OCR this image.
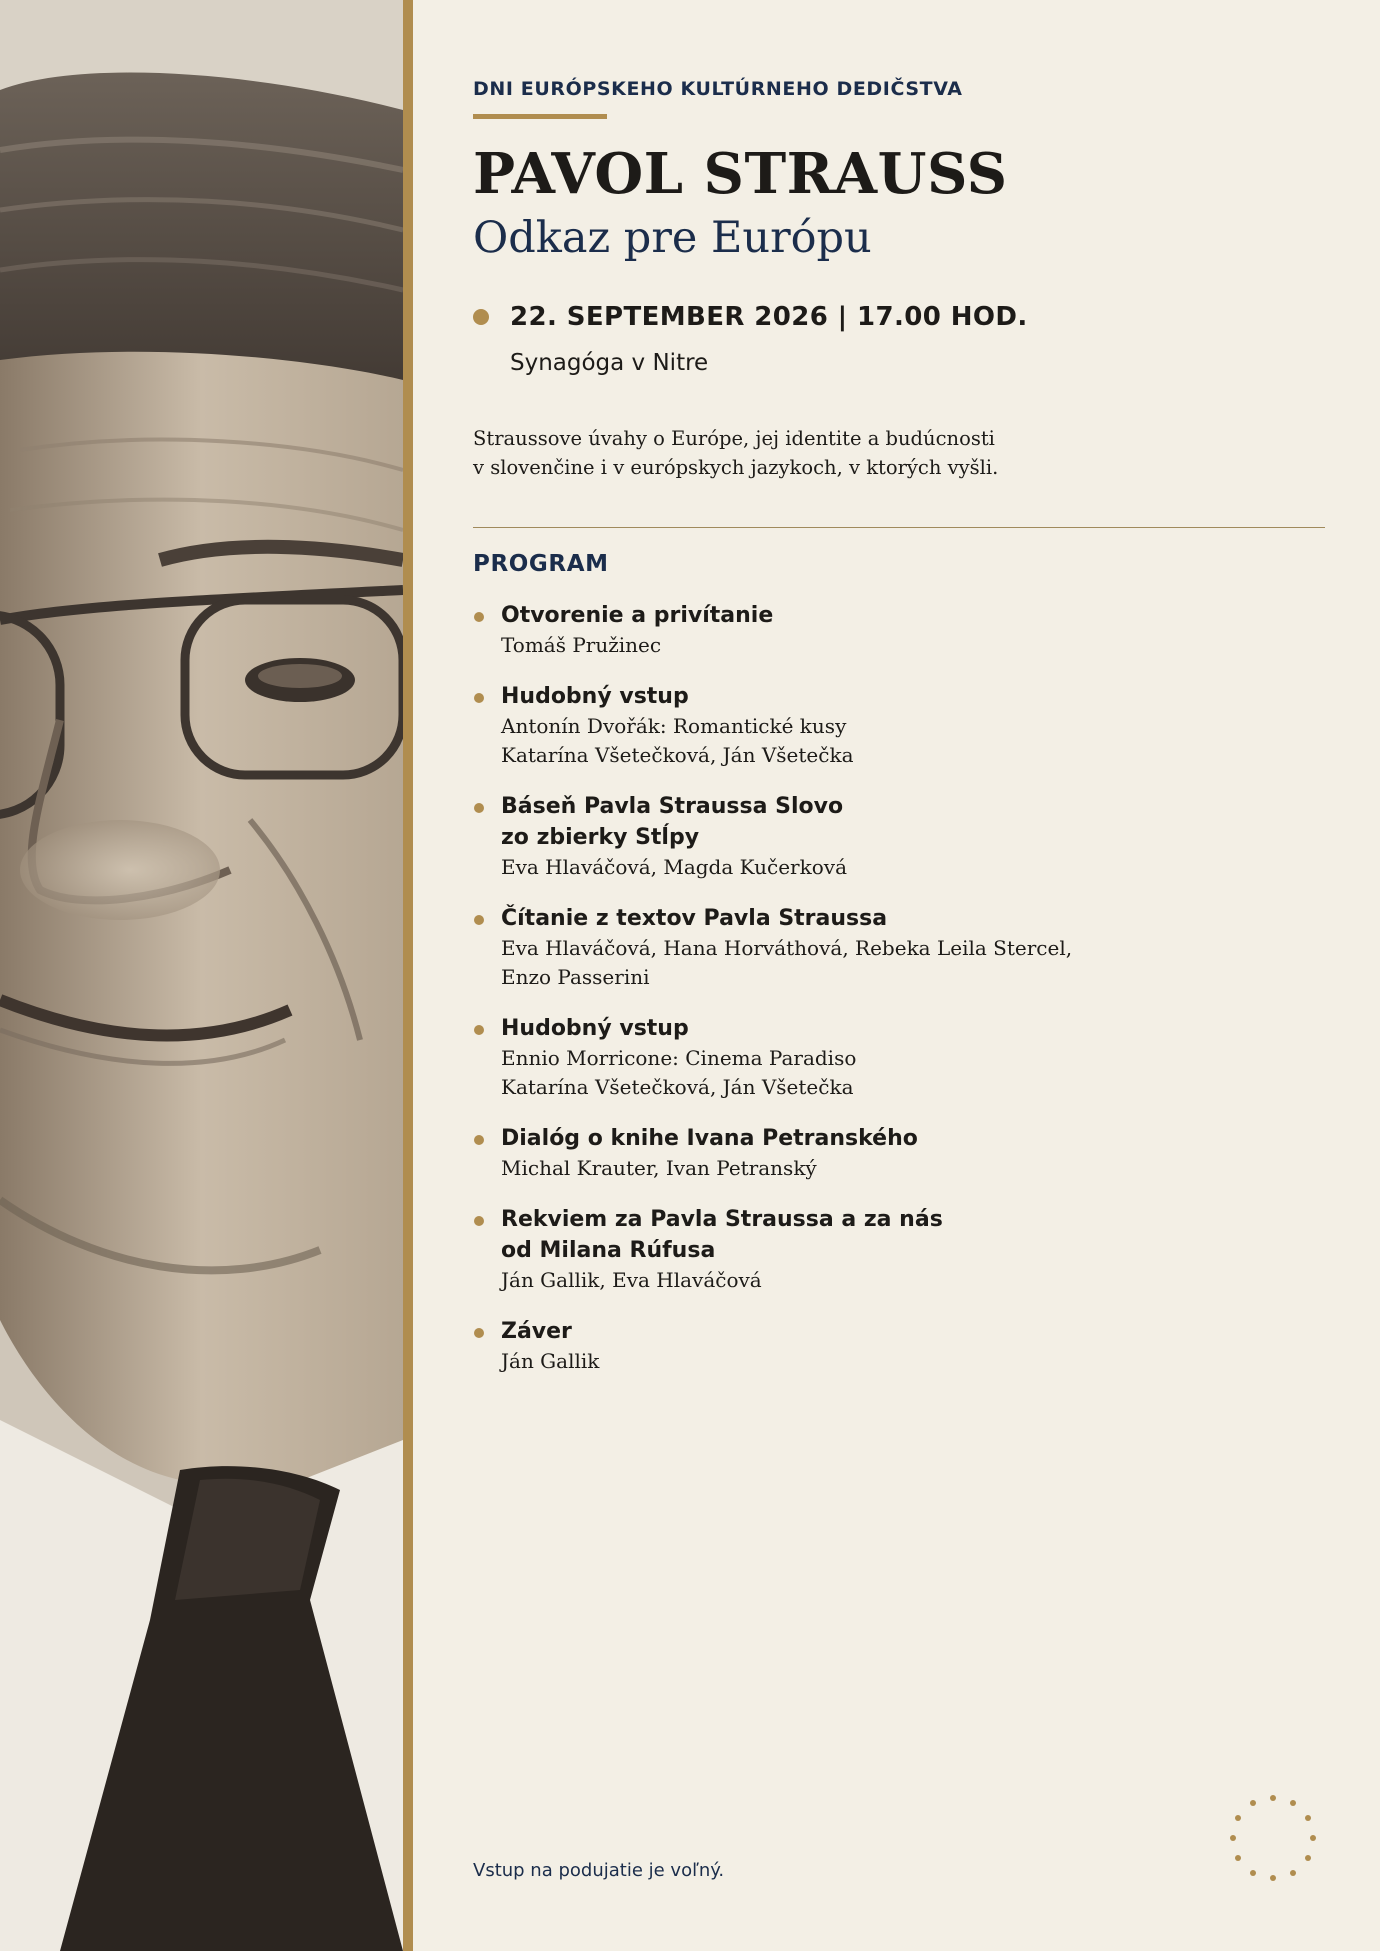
DNI EURÓPSKEHO KULTÚRNEHO DEDIČSTVA
PAVOL STRAUSS
Odkaz pre Európu
22. SEPTEMBER 2026 | 17.00 HOD.
Synagóga v Nitre
Straussove úvahy o Európe, jej identite a budúcnosti
v slovenčine i v európskych jazykoch, v ktorých vyšli.
PROGRAM
Otvorenie a privítanie
Tomáš Pružinec
Hudobný vstup
Antonín Dvořák: Romantické kusy
Katarína Všetečková, Ján Všetečka
Báseň Pavla Straussa Slovo
zo zbierky Stĺpy
Eva Hlaváčová, Magda Kučerková
Čítanie z textov Pavla Straussa
Eva Hlaváčová, Hana Horváthová, Rebeka Leila Stercel,
Enzo Passerini
Hudobný vstup
Ennio Morricone: Cinema Paradiso
Katarína Všetečková, Ján Všetečka
Dialóg o knihe Ivana Petranského
Michal Krauter, Ivan Petranský
Rekviem za Pavla Straussa a za nás
od Milana Rúfusa
Ján Gallik, Eva Hlaváčová
Záver
Ján Gallik
Vstup na podujatie je voľný.
